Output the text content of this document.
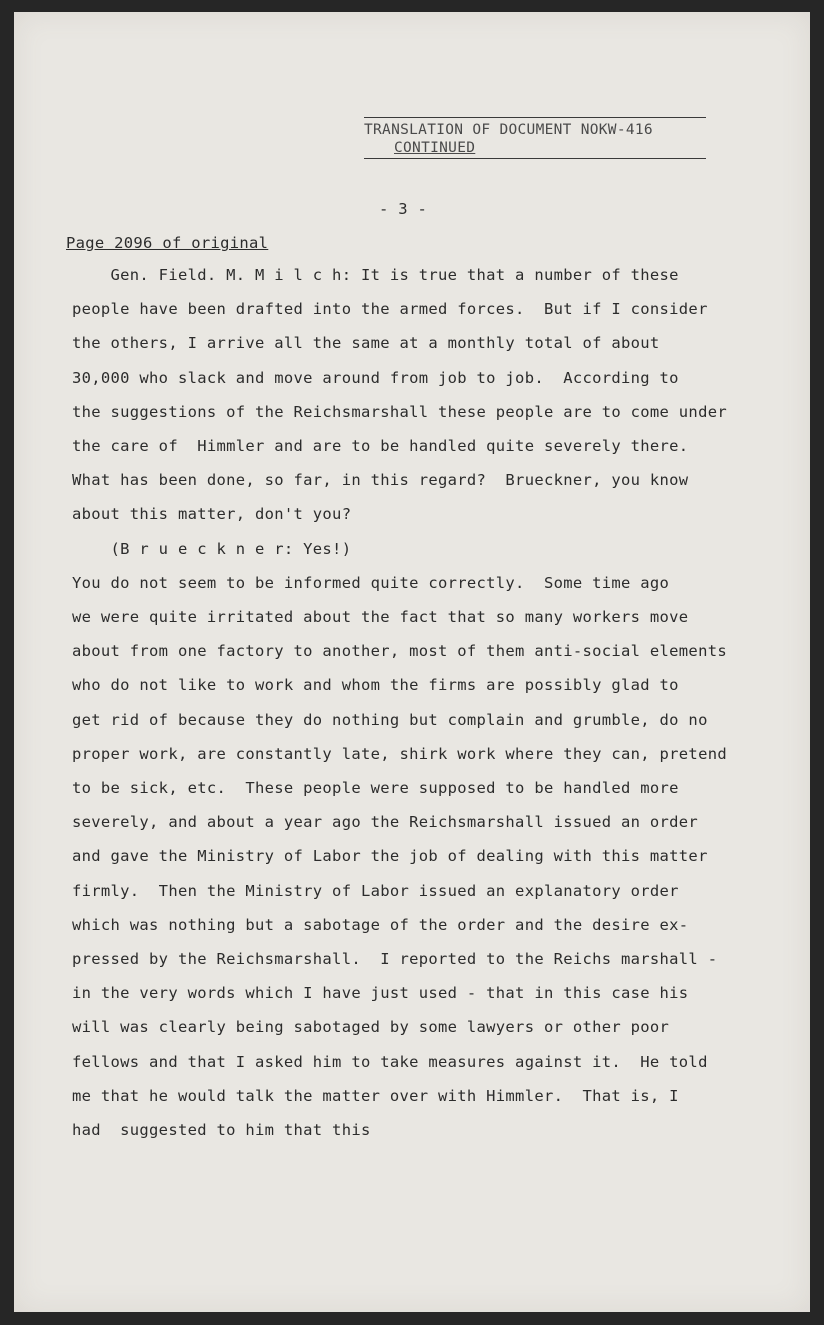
TRANSLATION OF DOCUMENT NOKW-416
CONTINUED
- 3 -
Page 2096 of original
Gen. Field. M. M i l c h: It is true that a number of these
people have been drafted into the armed forces.  But if I consider
the others, I arrive all the same at a monthly total of about
30,000 who slack and move around from job to job.  According to
the suggestions of the Reichsmarshall these people are to come under
the care of  Himmler and are to be handled quite severely there.
What has been done, so far, in this regard?  Brueckner, you know
about this matter, don't you?
(B r u e c k n e r: Yes!)
You do not seem to be informed quite correctly.  Some time ago
we were quite irritated about the fact that so many workers move
about from one factory to another, most of them anti-social elements
who do not like to work and whom the firms are possibly glad to
get rid of because they do nothing but complain and grumble, do no
proper work, are constantly late, shirk work where they can, pretend
to be sick, etc.  These people were supposed to be handled more
severely, and about a year ago the Reichsmarshall issued an order
and gave the Ministry of Labor the job of dealing with this matter
firmly.  Then the Ministry of Labor issued an explanatory order
which was nothing but a sabotage of the order and the desire ex-
pressed by the Reichsmarshall.  I reported to the Reichs marshall -
in the very words which I have just used - that in this case his
will was clearly being sabotaged by some lawyers or other poor
fellows and that I asked him to take measures against it.  He told
me that he would talk the matter over with Himmler.  That is, I
had  suggested to him that this
